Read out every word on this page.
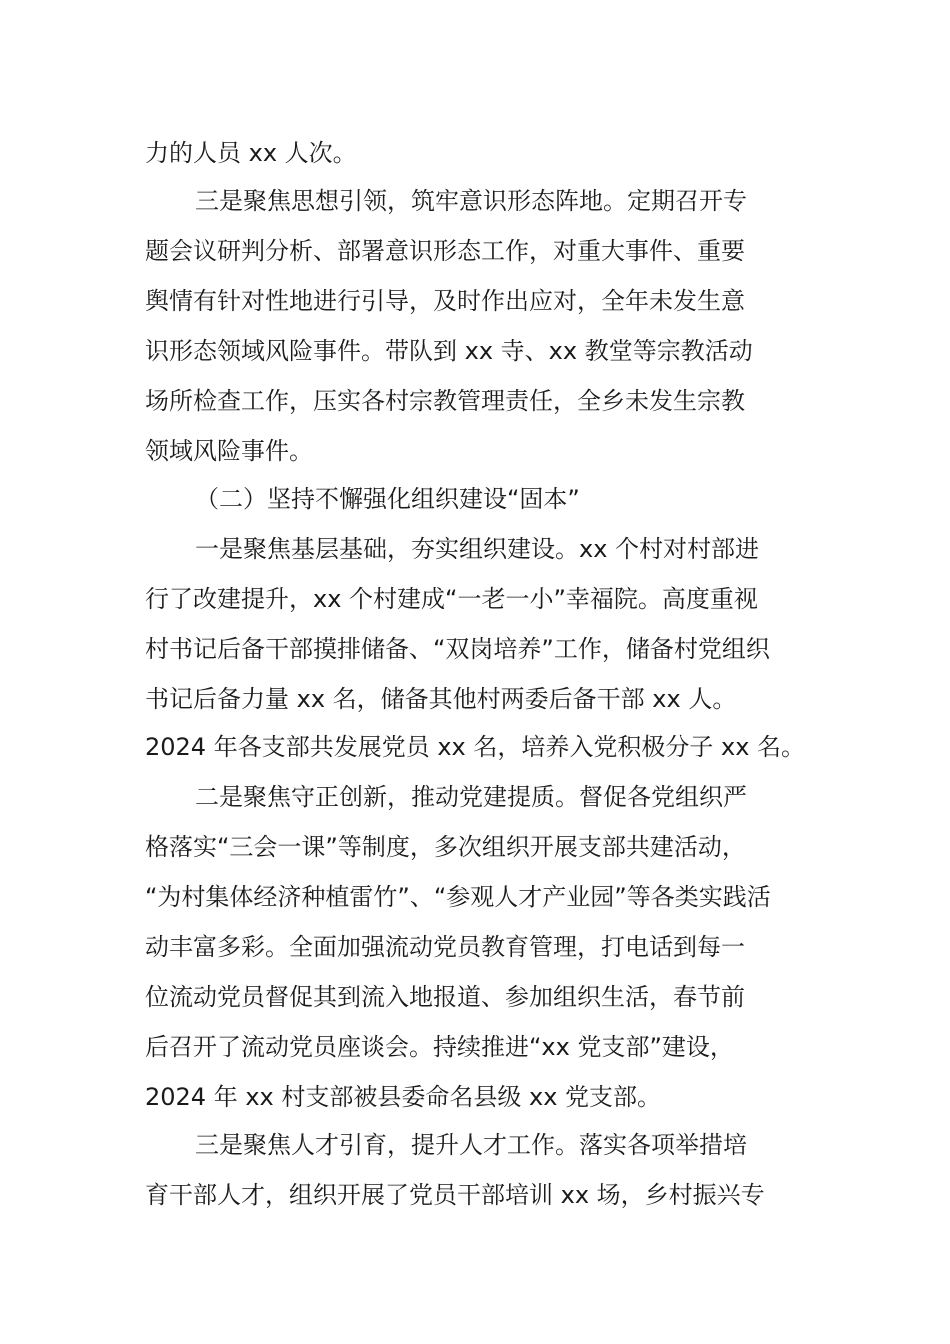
力的人员 xx 人次。
三是聚焦思想引领，筑牢意识形态阵地。定期召开专
题会议研判分析、部署意识形态工作，对重大事件、重要
舆情有针对性地进行引导，及时作出应对，全年未发生意
识形态领域风险事件。带队到 xx 寺、xx 教堂等宗教活动
场所检查工作，压实各村宗教管理责任，全乡未发生宗教
领域风险事件。
（二）坚持不懈强化组织建设“固本”
一是聚焦基层基础，夯实组织建设。xx 个村对村部进
行了改建提升，xx 个村建成“一老一小”幸福院。高度重视
村书记后备干部摸排储备、“双岗培养”工作，储备村党组织
书记后备力量 xx 名，储备其他村两委后备干部 xx 人。
2024 年各支部共发展党员 xx 名，培养入党积极分子 xx 名。
二是聚焦守正创新，推动党建提质。督促各党组织严
格落实“三会一课”等制度，多次组织开展支部共建活动，
“为村集体经济种植雷竹”、“参观人才产业园”等各类实践活
动丰富多彩。全面加强流动党员教育管理，打电话到每一
位流动党员督促其到流入地报道、参加组织生活，春节前
后召开了流动党员座谈会。持续推进“xx 党支部”建设，
2024 年 xx 村支部被县委命名县级 xx 党支部。
三是聚焦人才引育，提升人才工作。落实各项举措培
育干部人才，组织开展了党员干部培训 xx 场，乡村振兴专
